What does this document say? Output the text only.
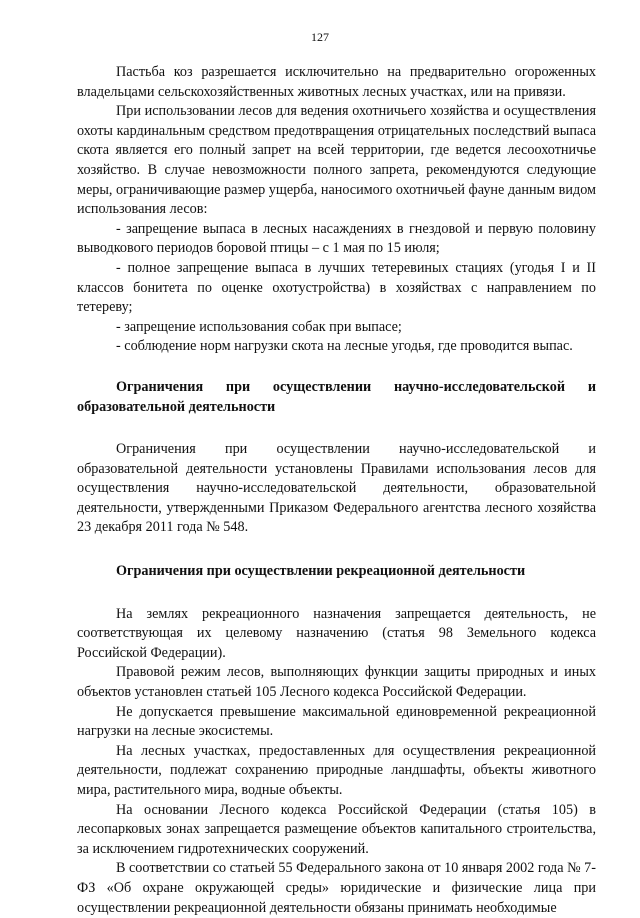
127

Пастьба коз разрешается исключительно на предварительно огороженных владельцами сельскохозяйственных животных лесных участках, или на привязи.

При использовании лесов для ведения охотничьего хозяйства и осуществления охоты кардинальным средством предотвращения отрицательных последствий выпаса скота является его полный запрет на всей территории, где ведется лесоохотничье хозяйство. В случае невозможности полного запрета, рекомендуются следующие меры, ограничивающие размер ущерба, наносимого охотничьей фауне данным видом использования лесов:

- запрещение выпаса в лесных насаждениях в гнездовой и первую половину выводкового периодов боровой птицы – с 1 мая по 15 июля;

- полное запрещение выпаса в лучших тетеревиных стациях (угодья I и II классов бонитета по оценке охотустройства) в хозяйствах с направлением по тетереву;

- запрещение использования собак при выпасе;

- соблюдение норм нагрузки скота на лесные угодья, где проводится выпас.

Ограничения при осуществлении научно-исследовательской и образовательной деятельности

Ограничения при осуществлении научно-исследовательской и образовательной деятельности установлены Правилами использования лесов для осуществления научно-исследовательской деятельности, образовательной деятельности, утвержденными Приказом Федерального агентства лесного хозяйства 23 декабря 2011 года № 548.

Ограничения при осуществлении рекреационной деятельности

На землях рекреационного назначения запрещается деятельность, не соответствующая их целевому назначению (статья 98 Земельного кодекса Российской Федерации).

Правовой режим лесов, выполняющих функции защиты природных и иных объектов установлен статьей 105 Лесного кодекса Российской Федерации.

Не допускается превышение максимальной единовременной рекреационной нагрузки на лесные экосистемы.

На лесных участках, предоставленных для осуществления рекреационной деятельности, подлежат сохранению природные ландшафты, объекты животного мира, растительного мира, водные объекты.

На основании Лесного кодекса Российской Федерации (статья 105) в лесопарковых зонах запрещается размещение объектов капитального строительства, за исключением гидротехнических сооружений.

В соответствии со статьей 55 Федерального закона от 10 января 2002 года № 7-ФЗ «Об охране окружающей среды» юридические и физические лица при осуществлении рекреационной деятельности обязаны принимать необходимые
